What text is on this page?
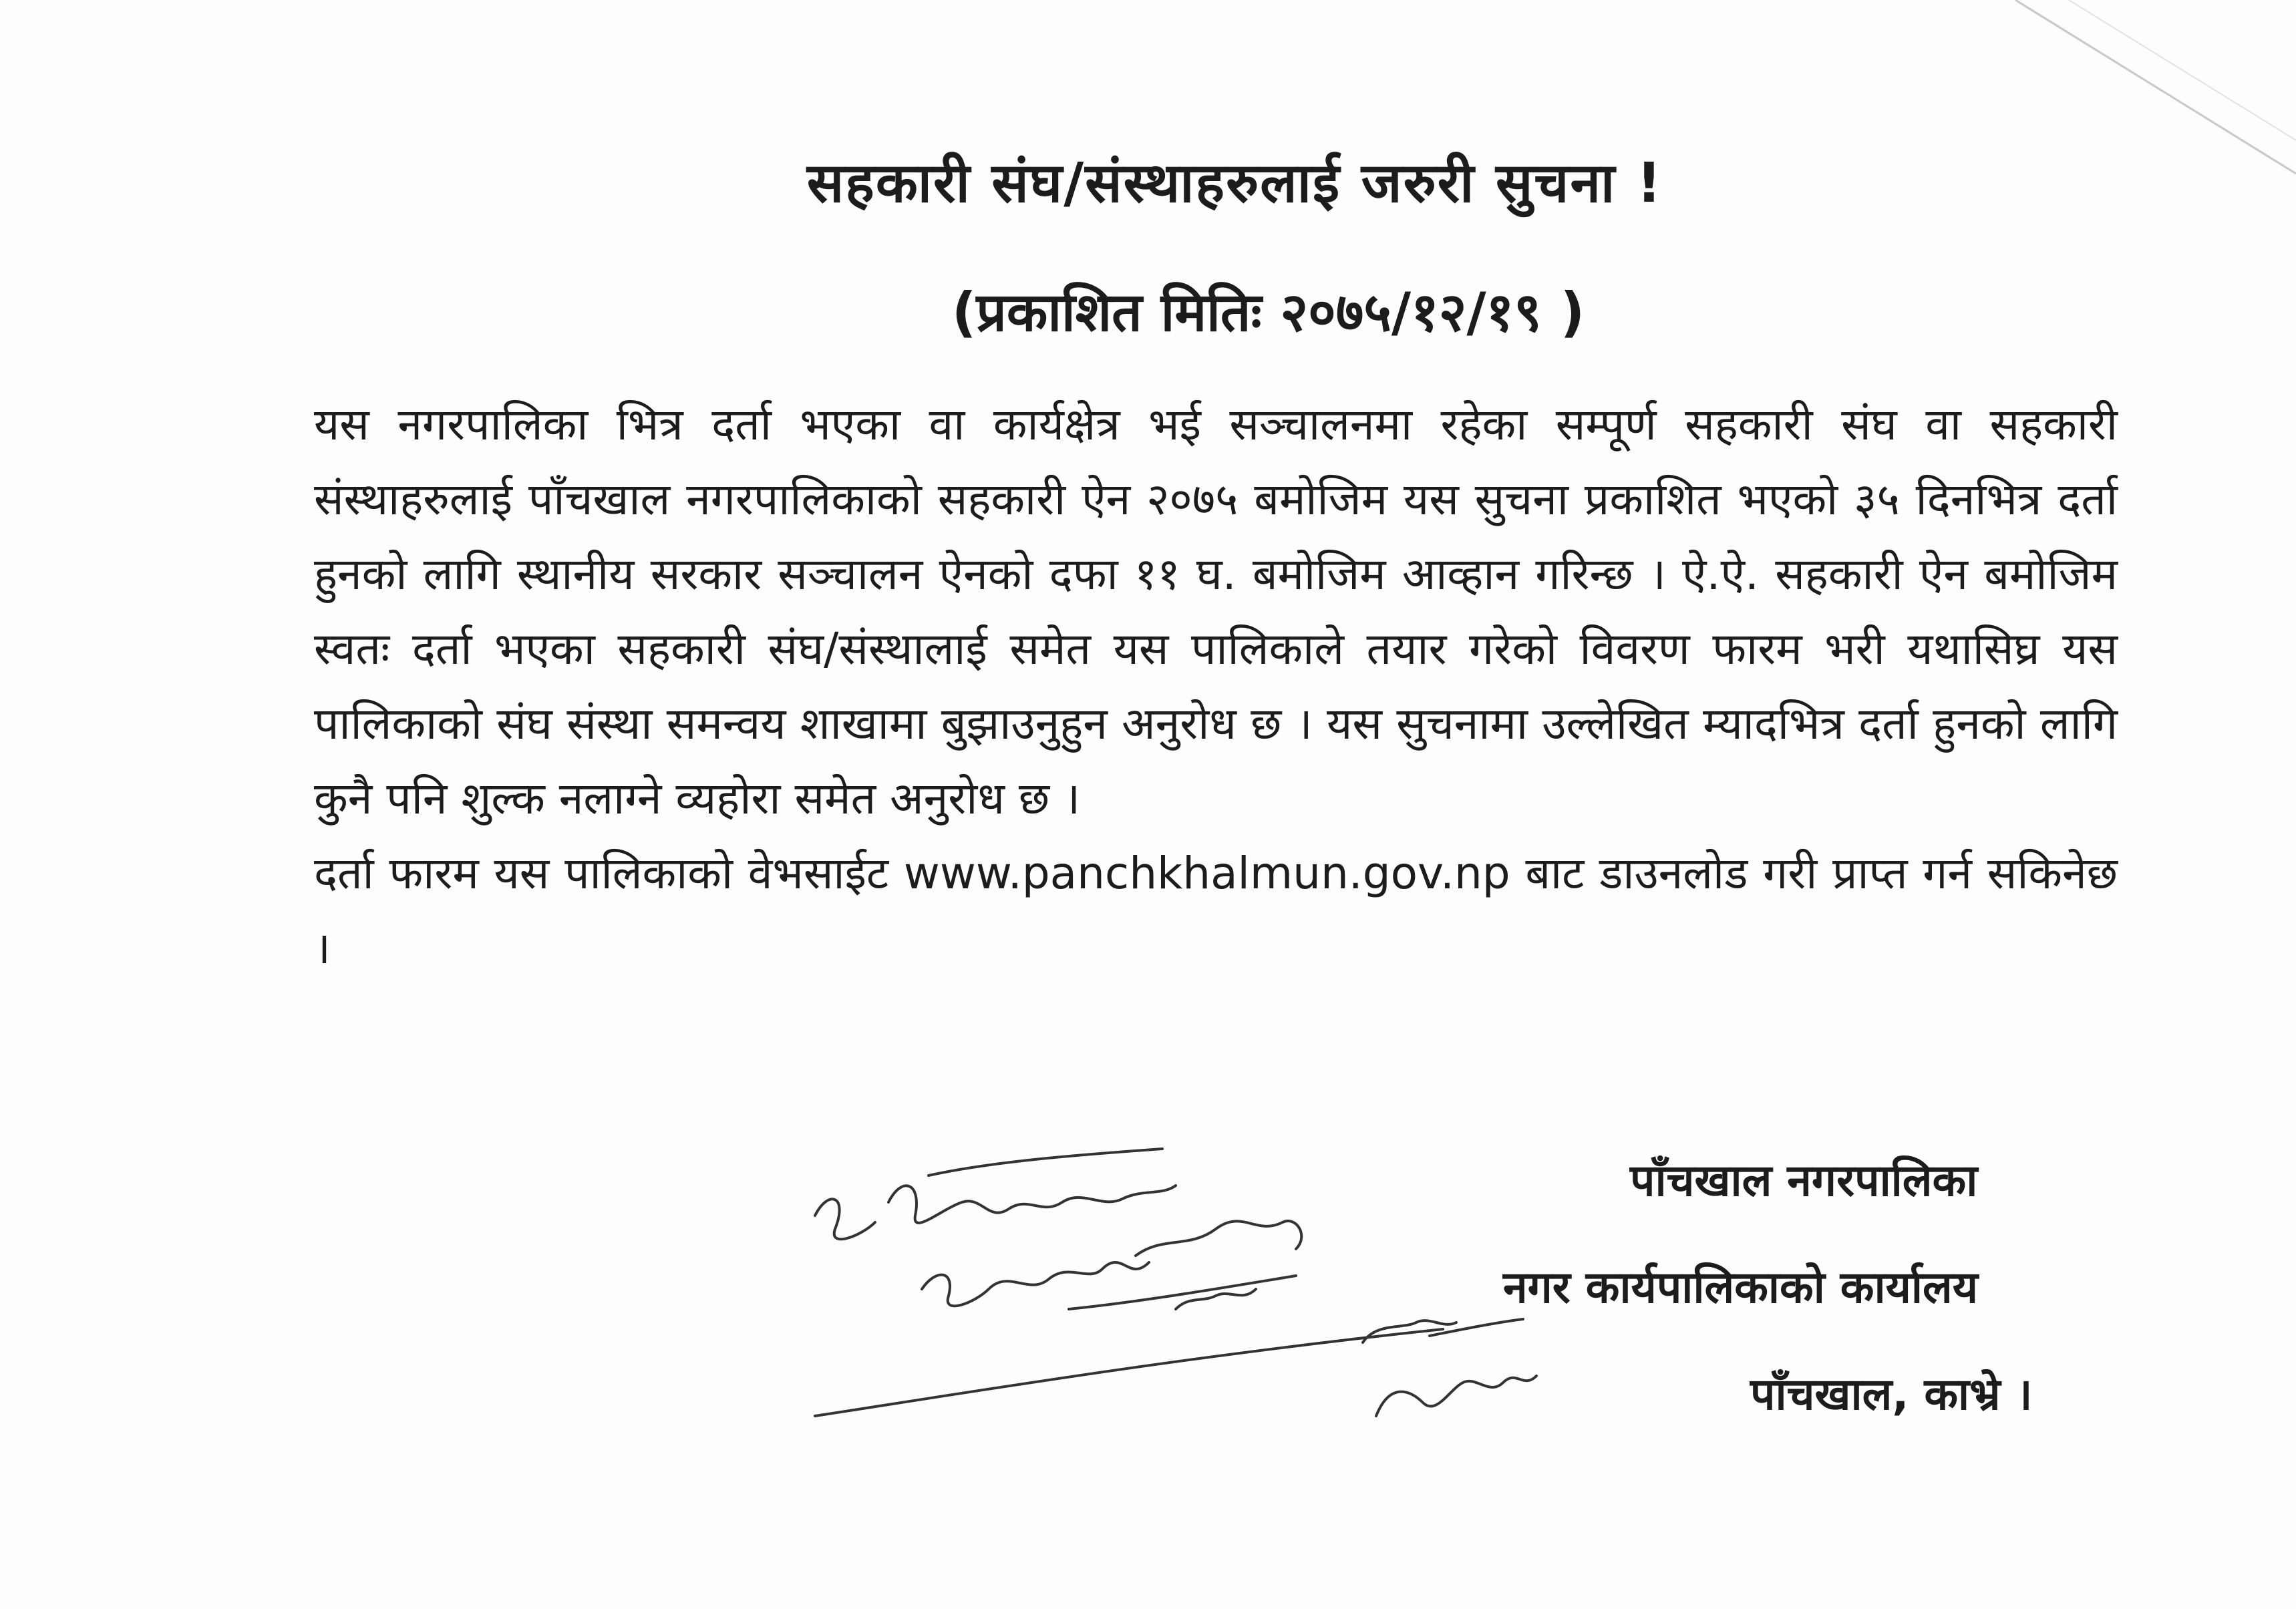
सहकारी संघ/संस्थाहरुलाई जरुरी सुचना !
(प्रकाशित मितिः २०७५/१२/१९ )

यस नगरपालिका भित्र दर्ता भएका वा कार्यक्षेत्र भई सञ्चालनमा रहेका सम्पूर्ण सहकारी संघ वा सहकारी संस्थाहरुलाई पाँचखाल नगरपालिकाको सहकारी ऐन २०७५ बमोजिम यस सुचना प्रकाशित भएको ३५ दिनभित्र दर्ता हुनको लागि स्थानीय सरकार सञ्चालन ऐनको दफा ११ घ. बमोजिम आव्हान गरिन्छ । ऐ.ऐ. सहकारी ऐन बमोजिम स्वतः दर्ता भएका सहकारी संघ/संस्थालाई समेत यस पालिकाले तयार गरेको विवरण फारम भरी यथासिघ्र यस पालिकाको संघ संस्था समन्वय शाखामा बुझाउनुहुन अनुरोध छ । यस सुचनामा उल्लेखित म्यादभित्र दर्ता हुनको लागि कुनै पनि शुल्क नलाग्ने व्यहोरा समेत अनुरोध छ ।

दर्ता फारम यस पालिकाको वेभसाईट www.panchkhalmun.gov.np बाट डाउनलोड गरी प्राप्त गर्न सकिनेछ ।

पाँचखाल नगरपालिका
नगर कार्यपालिकाको कार्यालय
पाँचखाल, काभ्रे ।
